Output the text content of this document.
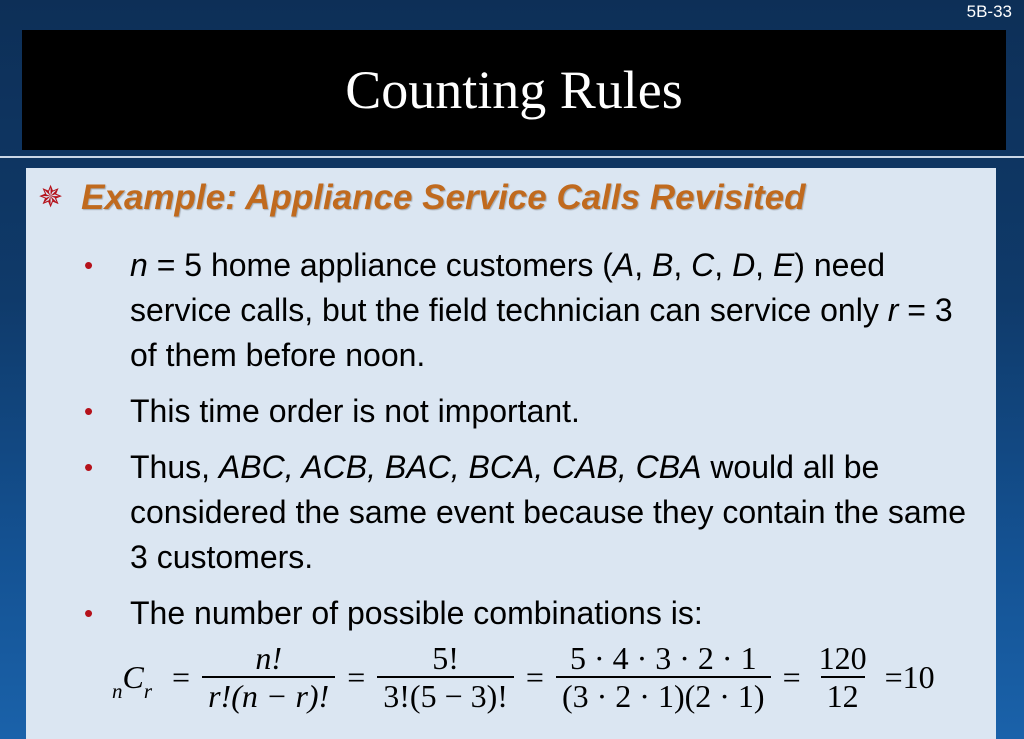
5B-33
Counting Rules
✵ Example: Appliance Service Calls Revisited
•	n = 5 home appliance customers (A, B, C, D, E) need service calls, but the field technician can service only r = 3 of them before noon.
•	This time order is not important.
•	Thus, ABC, ACB, BAC, BCA, CAB, CBA would all be considered the same event because they contain the same 3 customers.
•	The number of possible combinations is:
n C $r = \frac{n!}{r!(n - r)!} = \frac{5!}{3!(5 - 3)!} = \frac{5 \cdot 4 \cdot 3 \cdot 2 \cdot 1}{(3 \cdot 2 \cdot 1)(2 \cdot 1)} = \frac{120}{12} =10$
